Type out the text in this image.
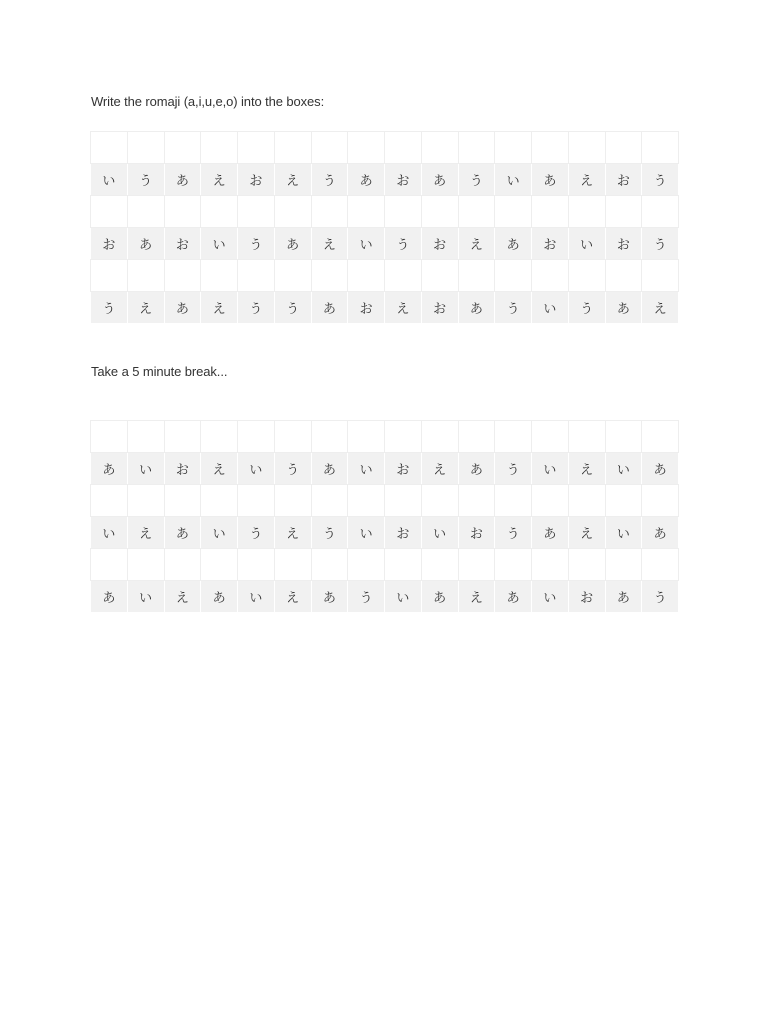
Write the romaji (a,i,u,e,o) into the boxes:
い	う	あ	え	お	え	う	あ	お	あ	う	い	あ	え	お	う
お	あ	お	い	う	あ	え	い	う	お	え	あ	お	い	お	う
う	え	あ	え	う	う	あ	お	え	お	あ	う	い	う	あ	え
Take a 5 minute break...
あ	い	お	え	い	う	あ	い	お	え	あ	う	い	え	い	あ
い	え	あ	い	う	え	う	い	お	い	お	う	あ	え	い	あ
あ	い	え	あ	い	え	あ	う	い	あ	え	あ	い	お	あ	う
